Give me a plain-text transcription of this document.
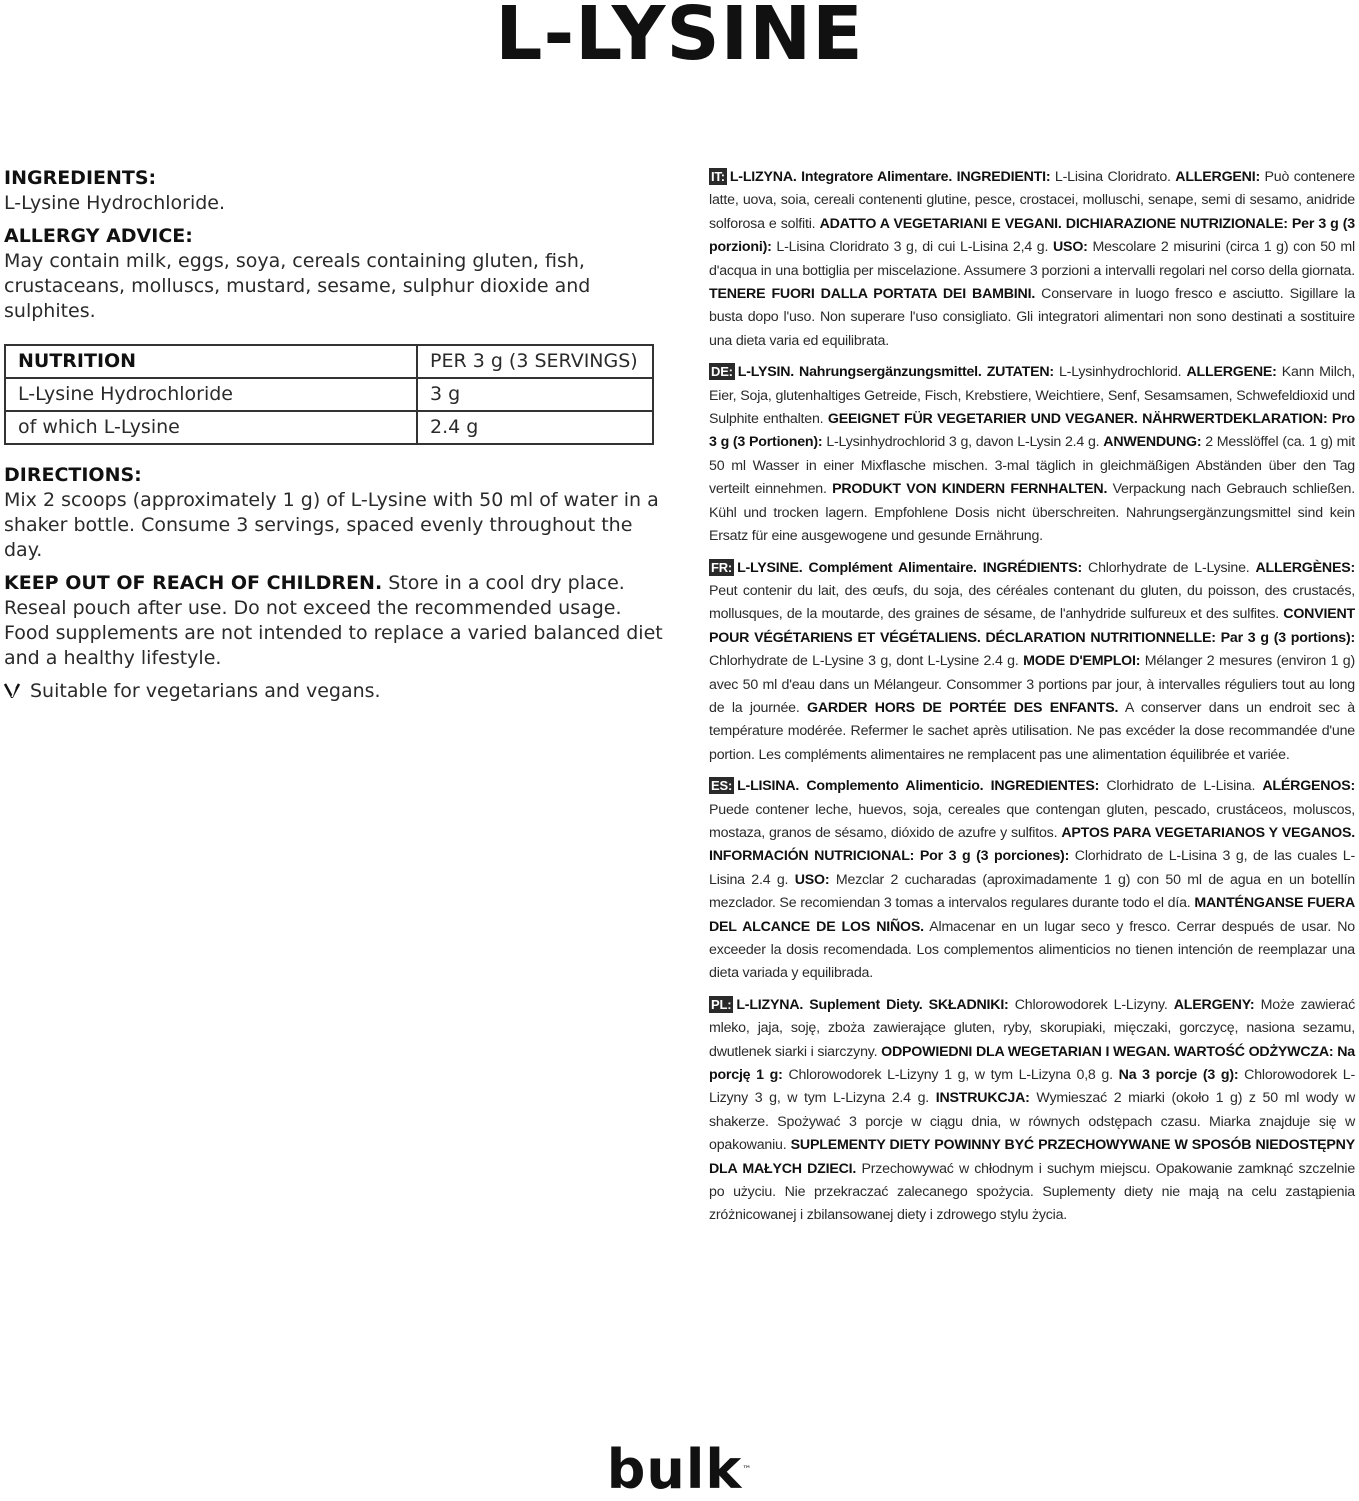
L-LYSINE
INGREDIENTS:
L-Lysine Hydrochloride.
ALLERGY ADVICE:
May contain milk, eggs, soya, cereals containing gluten, fish, crustaceans, molluscs, mustard, sesame, sulphur dioxide and sulphites.
NUTRITION	PER 3 g (3 SERVINGS)
L-Lysine Hydrochloride	3 g
of which L-Lysine	2.4 g
DIRECTIONS:
Mix 2 scoops (approximately 1 g) of L-Lysine with 50 ml of water in a shaker bottle. Consume 3 servings, spaced evenly throughout the day.
KEEP OUT OF REACH OF CHILDREN. Store in a cool dry place. Reseal pouch after use. Do not exceed the recommended usage. Food supplements are not intended to replace a varied balanced diet and a healthy lifestyle.
Suitable for vegetarians and vegans.

IT: L-LIZYNA. Integratore Alimentare. INGREDIENTI: L-Lisina Cloridrato. ALLERGENI: Può contenere latte, uova, soia, cereali contenenti glutine, pesce, crostacei, molluschi, senape, semi di sesamo, anidride solforosa e solfiti. ADATTO A VEGETARIANI E VEGANI. DICHIARAZIONE NUTRIZIONALE: Per 3 g (3 porzioni): L-Lisina Cloridrato 3 g, di cui L-Lisina 2,4 g. USO: Mescolare 2 misurini (circa 1 g) con 50 ml d'acqua in una bottiglia per miscelazione. Assumere 3 porzioni a intervalli regolari nel corso della giornata. TENERE FUORI DALLA PORTATA DEI BAMBINI. Conservare in luogo fresco e asciutto. Sigillare la busta dopo l'uso. Non superare l'uso consigliato. Gli integratori alimentari non sono destinati a sostituire una dieta varia ed equilibrata.

DE: L-LYSIN. Nahrungsergänzungsmittel. ZUTATEN: L-Lysinhydrochlorid. ALLERGENE: Kann Milch, Eier, Soja, glutenhaltiges Getreide, Fisch, Krebstiere, Weichtiere, Senf, Sesamsamen, Schwefeldioxid und Sulphite enthalten. GEEIGNET FÜR VEGETARIER UND VEGANER. NÄHRWERTDEKLARATION: Pro 3 g (3 Portionen): L-Lysinhydrochlorid 3 g, davon L-Lysin 2.4 g. ANWENDUNG: 2 Messlöffel (ca. 1 g) mit 50 ml Wasser in einer Mixflasche mischen. 3-mal täglich in gleichmäßigen Abständen über den Tag verteilt einnehmen. PRODUKT VON KINDERN FERNHALTEN. Verpackung nach Gebrauch schließen. Kühl und trocken lagern. Empfohlene Dosis nicht überschreiten. Nahrungsergänzungsmittel sind kein Ersatz für eine ausgewogene und gesunde Ernährung.

FR: L-LYSINE. Complément Alimentaire. INGRÉDIENTS: Chlorhydrate de L-Lysine. ALLERGÈNES: Peut contenir du lait, des œufs, du soja, des céréales contenant du gluten, du poisson, des crustacés, mollusques, de la moutarde, des graines de sésame, de l'anhydride sulfureux et des sulfites. CONVIENT POUR VÉGÉTARIENS ET VÉGÉTALIENS. DÉCLARATION NUTRITIONNELLE: Par 3 g (3 portions): Chlorhydrate de L-Lysine 3 g, dont L-Lysine 2.4 g. MODE D'EMPLOI: Mélanger 2 mesures (environ 1 g) avec 50 ml d'eau dans un Mélangeur. Consommer 3 portions par jour, à intervalles réguliers tout au long de la journée. GARDER HORS DE PORTÉE DES ENFANTS. A conserver dans un endroit sec à température modérée. Refermer le sachet après utilisation. Ne pas excéder la dose recommandée d'une portion. Les compléments alimentaires ne remplacent pas une alimentation équilibrée et variée.

ES: L-LISINA. Complemento Alimenticio. INGREDIENTES: Clorhidrato de L-Lisina. ALÉRGENOS: Puede contener leche, huevos, soja, cereales que contengan gluten, pescado, crustáceos, moluscos, mostaza, granos de sésamo, dióxido de azufre y sulfitos. APTOS PARA VEGETARIANOS Y VEGANOS. INFORMACIÓN NUTRICIONAL: Por 3 g (3 porciones): Clorhidrato de L-Lisina 3 g, de las cuales L-Lisina 2.4 g. USO: Mezclar 2 cucharadas (aproximadamente 1 g) con 50 ml de agua en un botellín mezclador. Se recomiendan 3 tomas a intervalos regulares durante todo el día. MANTÉNGANSE FUERA DEL ALCANCE DE LOS NIÑOS. Almacenar en un lugar seco y fresco. Cerrar después de usar. No exceeder la dosis recomendada. Los complementos alimenticios no tienen intención de reemplazar una dieta variada y equilibrada.

PL: L-LIZYNA. Suplement Diety. SKŁADNIKI: Chlorowodorek L-Lizyny. ALERGENY: Może zawierać mleko, jaja, soję, zboża zawierające gluten, ryby, skorupiaki, mięczaki, gorczycę, nasiona sezamu, dwutlenek siarki i siarczyny. ODPOWIEDNI DLA WEGETARIAN I WEGAN. WARTOŚĆ ODŻYWCZA: Na porcję 1 g: Chlorowodorek L-Lizyny 1 g, w tym L-Lizyna 0,8 g. Na 3 porcje (3 g): Chlorowodorek L-Lizyny 3 g, w tym L-Lizyna 2.4 g. INSTRUKCJA: Wymieszać 2 miarki (około 1 g) z 50 ml wody w shakerze. Spożywać 3 porcje w ciągu dnia, w równych odstępach czasu. Miarka znajduje się w opakowaniu. SUPLEMENTY DIETY POWINNY BYĆ PRZECHOWYWANE W SPOSÓB NIEDOSTĘPNY DLA MAŁYCH DZIECI. Przechowywać w chłodnym i suchym miejscu. Opakowanie zamknąć szczelnie po użyciu. Nie przekraczać zalecanego spożycia. Suplementy diety nie mają na celu zastąpienia zróżnicowanej i zbilansowanej diety i zdrowego stylu życia.

bulk™
